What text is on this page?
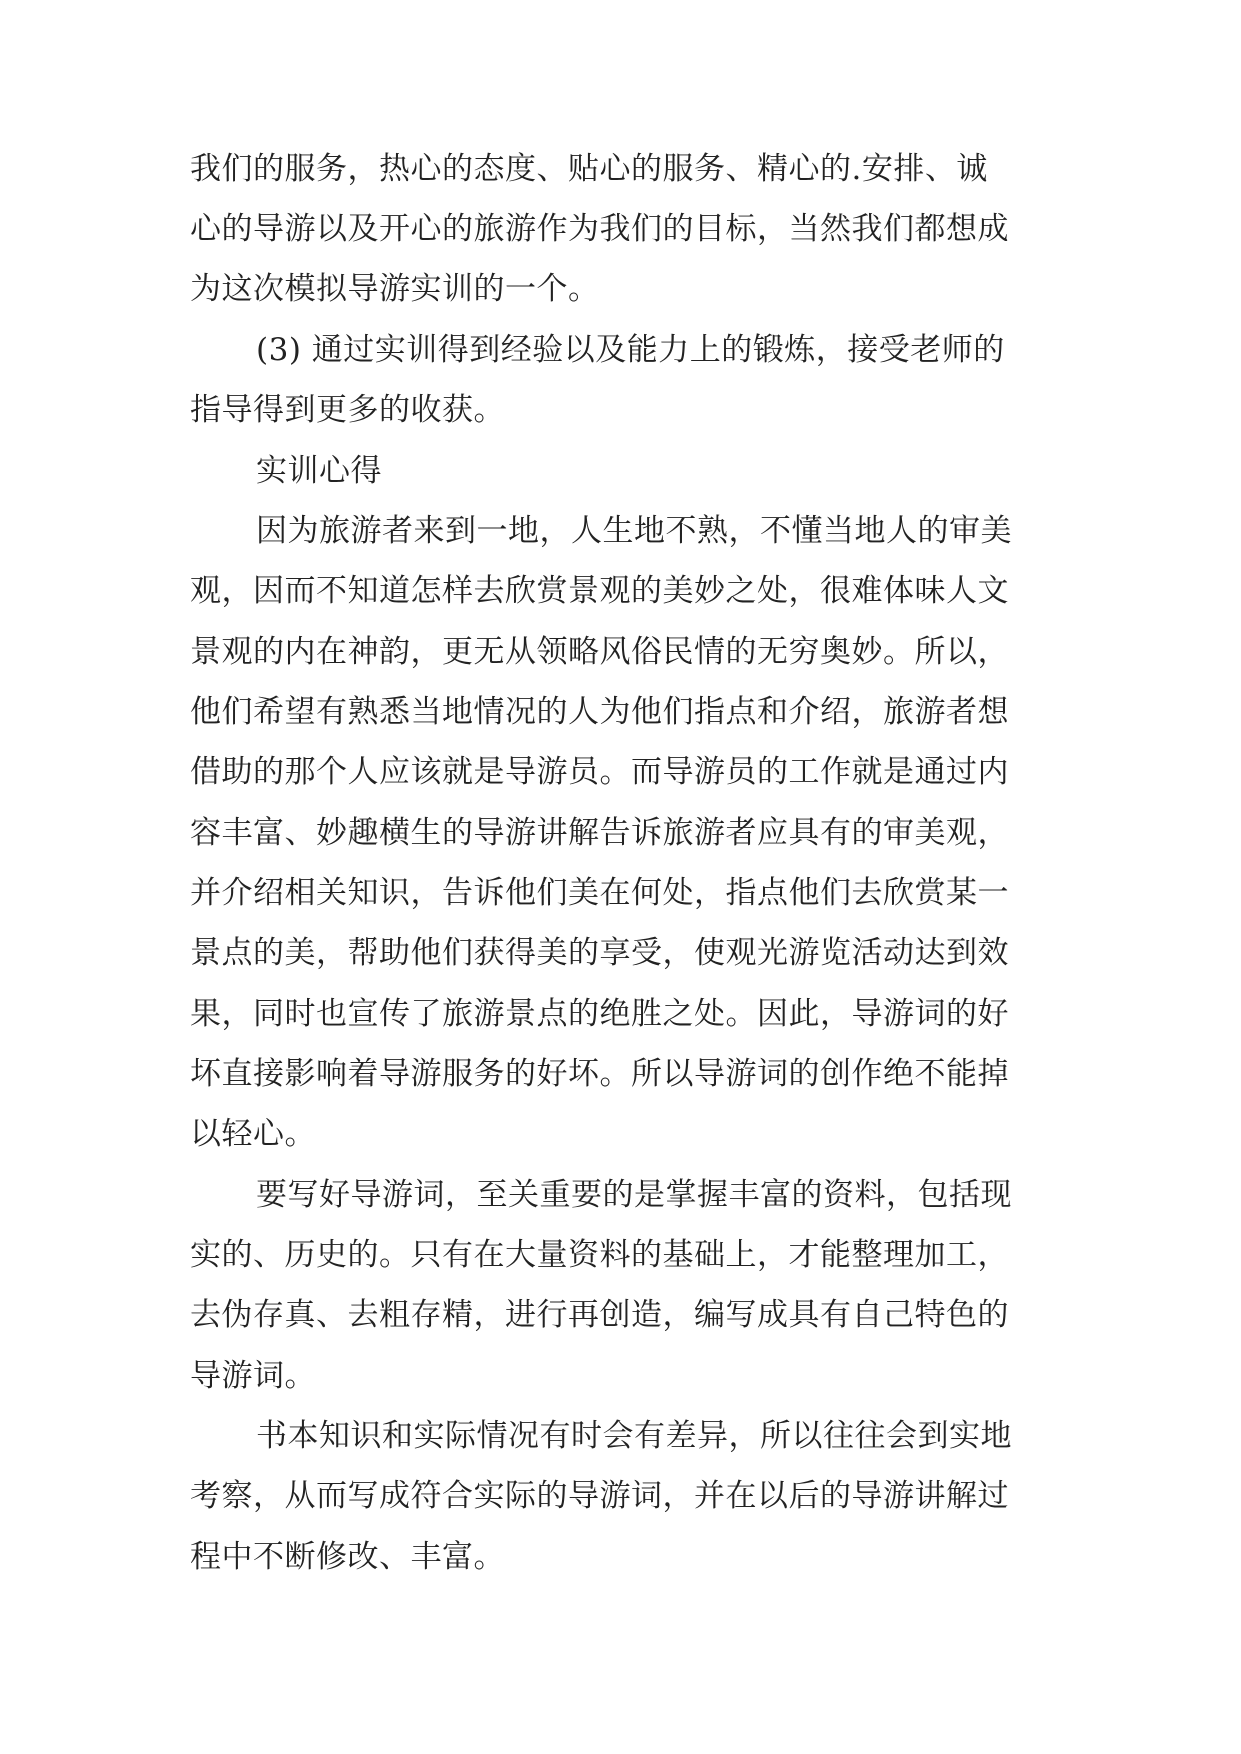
我们的服务，热心的态度、贴心的服务、精心的.安排、诚
心的导游以及开心的旅游作为我们的目标，当然我们都想成
为这次模拟导游实训的一个。
(3) 通过实训得到经验以及能力上的锻炼，接受老师的
指导得到更多的收获。
实训心得
因为旅游者来到一地，人生地不熟，不懂当地人的审美
观，因而不知道怎样去欣赏景观的美妙之处，很难体味人文
景观的内在神韵，更无从领略风俗民情的无穷奥妙。所以，
他们希望有熟悉当地情况的人为他们指点和介绍，旅游者想
借助的那个人应该就是导游员。而导游员的工作就是通过内
容丰富、妙趣横生的导游讲解告诉旅游者应具有的审美观，
并介绍相关知识，告诉他们美在何处，指点他们去欣赏某一
景点的美，帮助他们获得美的享受，使观光游览活动达到效
果，同时也宣传了旅游景点的绝胜之处。因此，导游词的好
坏直接影响着导游服务的好坏。所以导游词的创作绝不能掉
以轻心。
要写好导游词，至关重要的是掌握丰富的资料，包括现
实的、历史的。只有在大量资料的基础上，才能整理加工，
去伪存真、去粗存精，进行再创造，编写成具有自己特色的
导游词。
书本知识和实际情况有时会有差异，所以往往会到实地
考察，从而写成符合实际的导游词，并在以后的导游讲解过
程中不断修改、丰富。
